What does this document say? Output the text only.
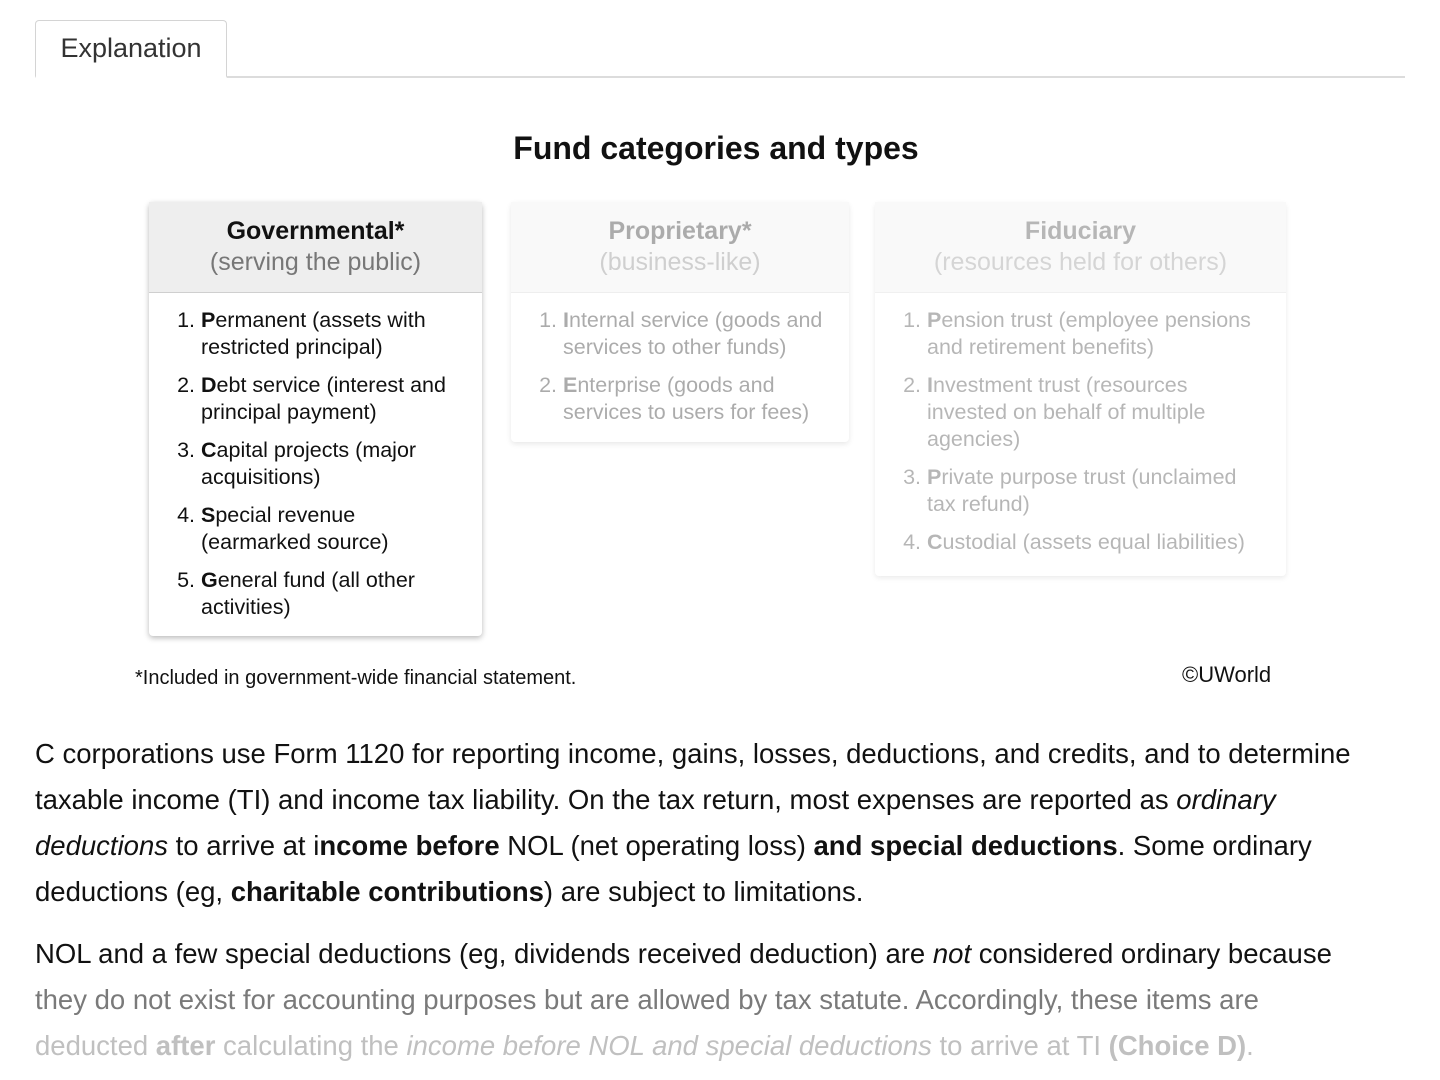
Explanation
Fund categories and types
Governmental*
(serving the public)
1. Permanent (assets with restricted principal)
2. Debt service (interest and principal payment)
3. Capital projects (major acquisitions)
4. Special revenue (earmarked source)
5. General fund (all other activities)
Proprietary*
(business-like)
1. Internal service (goods and services to other funds)
2. Enterprise (goods and services to users for fees)
Fiduciary
(resources held for others)
1. Pension trust (employee pensions and retirement benefits)
2. Investment trust (resources invested on behalf of multiple agencies)
3. Private purpose trust (unclaimed tax refund)
4. Custodial (assets equal liabilities)
*Included in government-wide financial statement.	©UWorld

C corporations use Form 1120 for reporting income, gains, losses, deductions, and credits, and to determine taxable income (TI) and income tax liability. On the tax return, most expenses are reported as ordinary deductions to arrive at income before NOL (net operating loss) and special deductions. Some ordinary deductions (eg, charitable contributions) are subject to limitations.

NOL and a few special deductions (eg, dividends received deduction) are not considered ordinary because
they do not exist for accounting purposes but are allowed by tax statute. Accordingly, these items are
deducted after calculating the income before NOL and special deductions to arrive at TI (Choice D).
